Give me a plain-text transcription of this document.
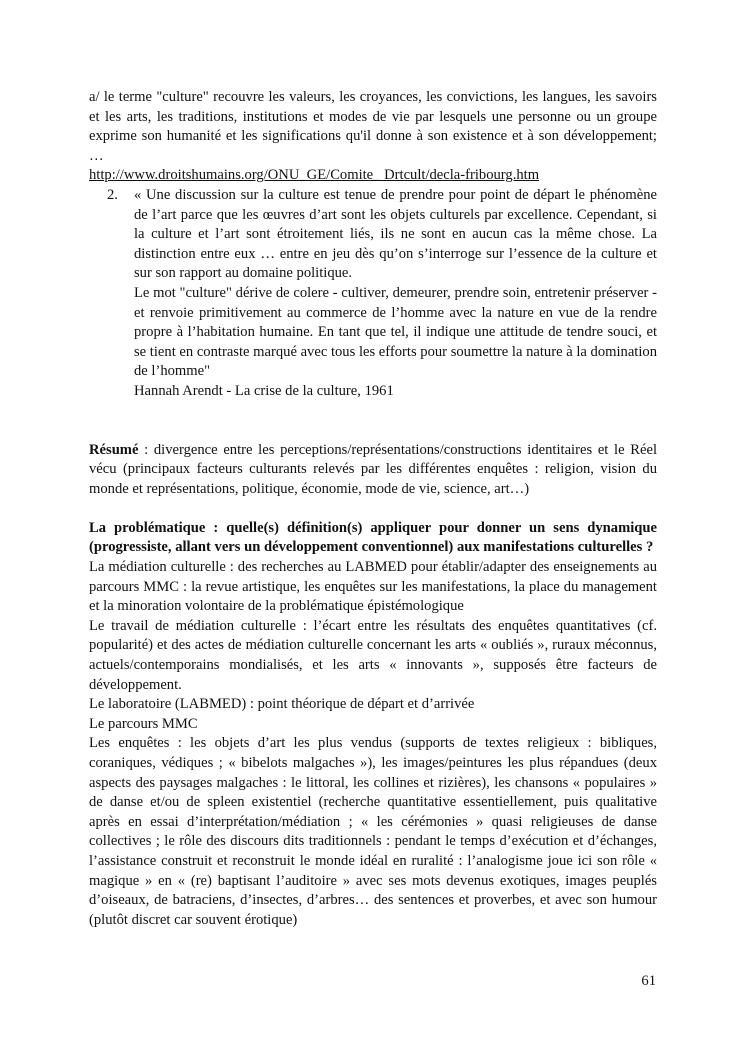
a/ le terme "culture" recouvre les valeurs, les croyances, les convictions, les langues, les savoirs et les arts, les traditions, institutions et modes de vie par lesquels une personne ou un groupe exprime son humanité et les significations qu'il donne à son existence et à son développement; …

http://www.droitshumains.org/ONU_GE/Comite_ Drtcult/decla-fribourg.htm
2. « Une discussion sur la culture est tenue de prendre pour point de départ le phénomène de l’art parce que les œuvres d’art sont les objets culturels par excellence. Cependant, si la culture et l’art sont étroitement liés, ils ne sont en aucun cas la même chose. La distinction entre eux … entre en jeu dès qu’on s’interroge sur l’essence de la culture et sur son rapport au domaine politique.

Le mot "culture" dérive de colere - cultiver, demeurer, prendre soin, entretenir préserver - et renvoie primitivement au commerce de l’homme avec la nature en vue de la rendre propre à l’habitation humaine. En tant que tel, il indique une attitude de tendre souci, et se tient en contraste marqué avec tous les efforts pour soumettre la nature à la domination de l’homme"

Hannah Arendt - La crise de la culture, 1961

Résumé : divergence entre les perceptions/représentations/constructions identitaires et le Réel vécu (principaux facteurs culturants relevés par les différentes enquêtes : religion, vision du monde et représentations, politique, économie, mode de vie, science, art…)

La problématique : quelle(s) définition(s) appliquer pour donner un sens dynamique (progressiste, allant vers un développement conventionnel) aux manifestations culturelles ?

La médiation culturelle : des recherches au LABMED pour établir/adapter des enseignements au parcours MMC : la revue artistique, les enquêtes sur les manifestations, la place du management et la minoration volontaire de la problématique épistémologique

Le travail de médiation culturelle : l’écart entre les résultats des enquêtes quantitatives (cf. popularité) et des actes de médiation culturelle concernant les arts « oubliés », ruraux méconnus, actuels/contemporains mondialisés, et les arts « innovants », supposés être facteurs de développement.

Le laboratoire (LABMED) : point théorique de départ et d’arrivée

Le parcours MMC

Les enquêtes : les objets d’art les plus vendus (supports de textes religieux : bibliques, coraniques, védiques ; « bibelots malgaches »), les images/peintures les plus répandues (deux aspects des paysages malgaches : le littoral, les collines et rizières), les chansons « populaires » de danse et/ou de spleen existentiel (recherche quantitative essentiellement, puis qualitative après en essai d’interprétation/médiation ; « les cérémonies » quasi religieuses de danse collectives ; le rôle des discours dits traditionnels : pendant le temps d’exécution et d’échanges, l’assistance construit et reconstruit le monde idéal en ruralité : l’analogisme joue ici son rôle « magique » en « (re) baptisant l’auditoire » avec ses mots devenus exotiques, images peuplés d’oiseaux, de batraciens, d’insectes, d’arbres… des sentences et proverbes, et avec son humour (plutôt discret car souvent érotique)

61
